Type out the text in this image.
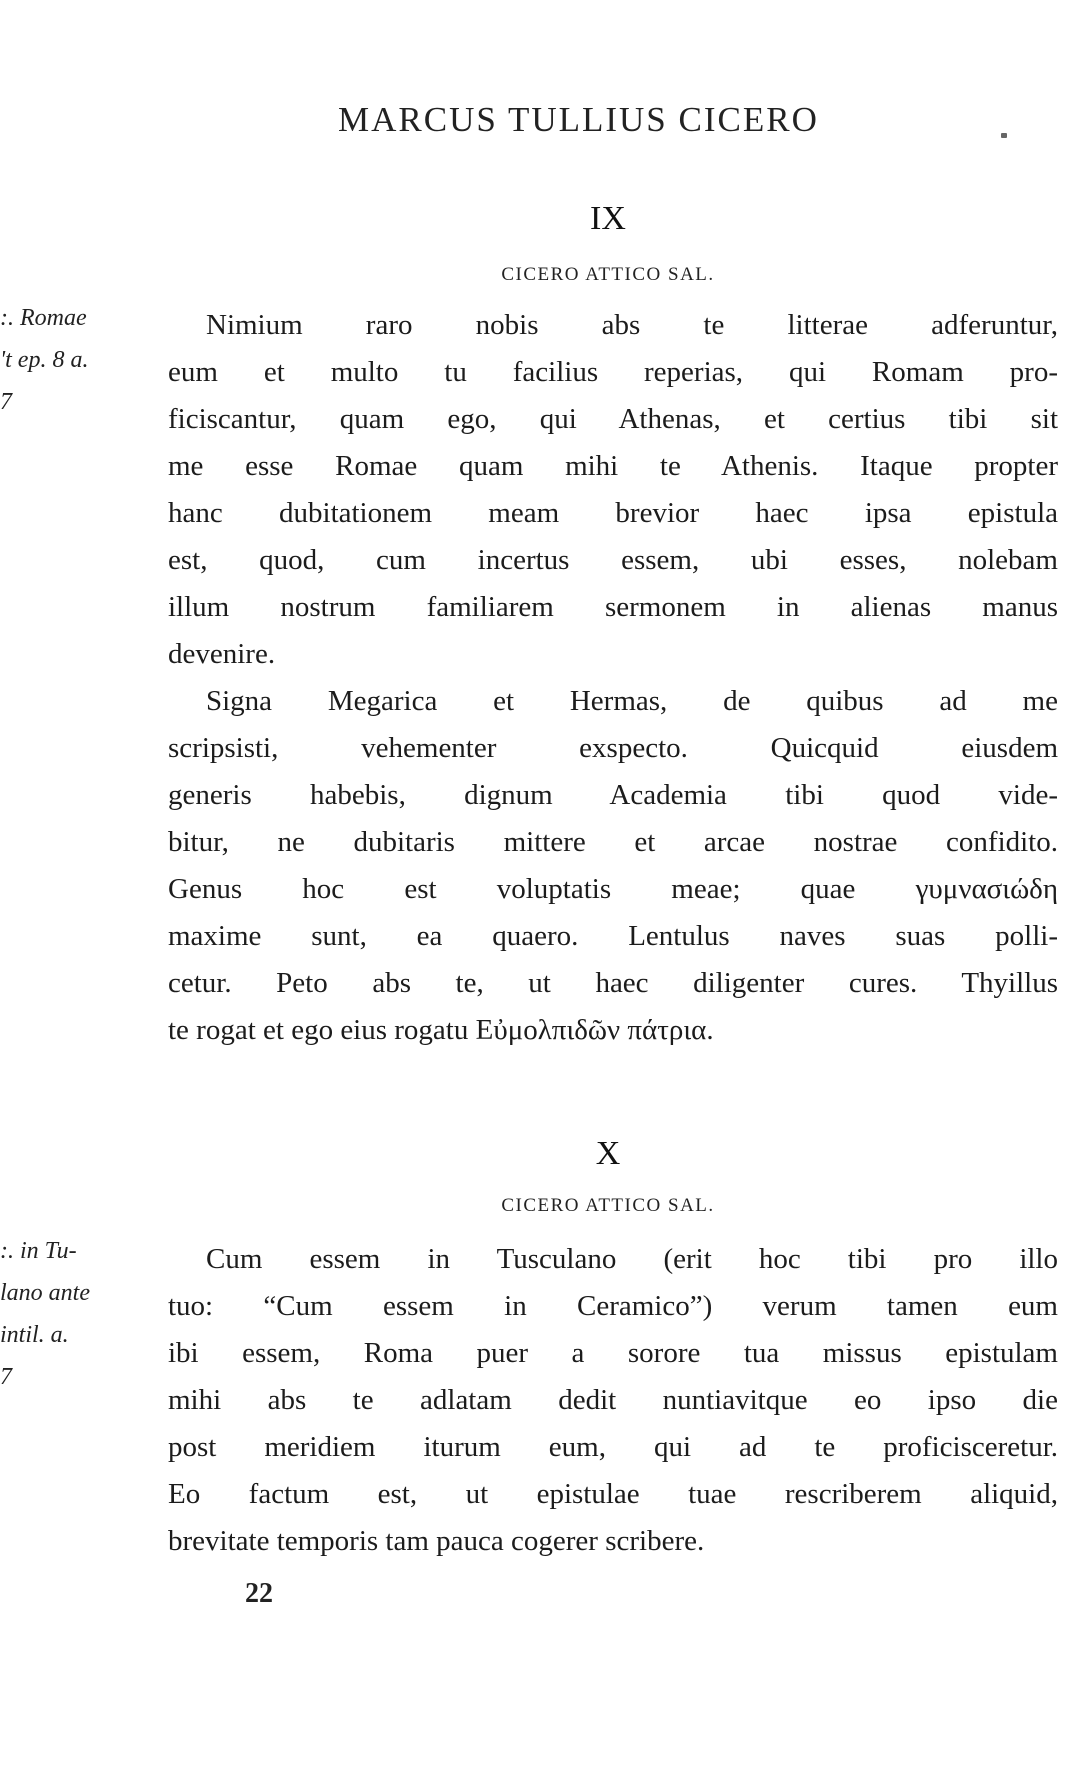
MARCUS TULLIUS CICERO
IX
CICERO ATTICO SAL.
:. Romae
't ep. 8 a.
7
Nimium raro nobis abs te litterae adferuntur,
eum et multo tu facilius reperias, qui Romam pro-
ficiscantur, quam ego, qui Athenas, et certius tibi sit
me esse Romae quam mihi te Athenis. Itaque propter
hanc dubitationem meam brevior haec ipsa epistula
est, quod, cum incertus essem, ubi esses, nolebam
illum nostrum familiarem sermonem in alienas manus
devenire.
Signa Megarica et Hermas, de quibus ad me
scripsisti, vehementer exspecto. Quicquid eiusdem
generis habebis, dignum Academia tibi quod vide-
bitur, ne dubitaris mittere et arcae nostrae confidito.
Genus hoc est voluptatis meae; quae γυμνασιώδη
maxime sunt, ea quaero. Lentulus naves suas polli-
cetur. Peto abs te, ut haec diligenter cures. Thyillus
te rogat et ego eius rogatu Εὐμολπιδῶν πάτρια.
X
CICERO ATTICO SAL.
:. in Tu-
lano ante
intil. a.
7
Cum essem in Tusculano (erit hoc tibi pro illo
tuo: “Cum essem in Ceramico”) verum tamen eum
ibi essem, Roma puer a sorore tua missus epistulam
mihi abs te adlatam dedit nuntiavitque eo ipso die
post meridiem iturum eum, qui ad te proficisceretur.
Eo factum est, ut epistulae tuae rescriberem aliquid,
brevitate temporis tam pauca cogerer scribere.
22
